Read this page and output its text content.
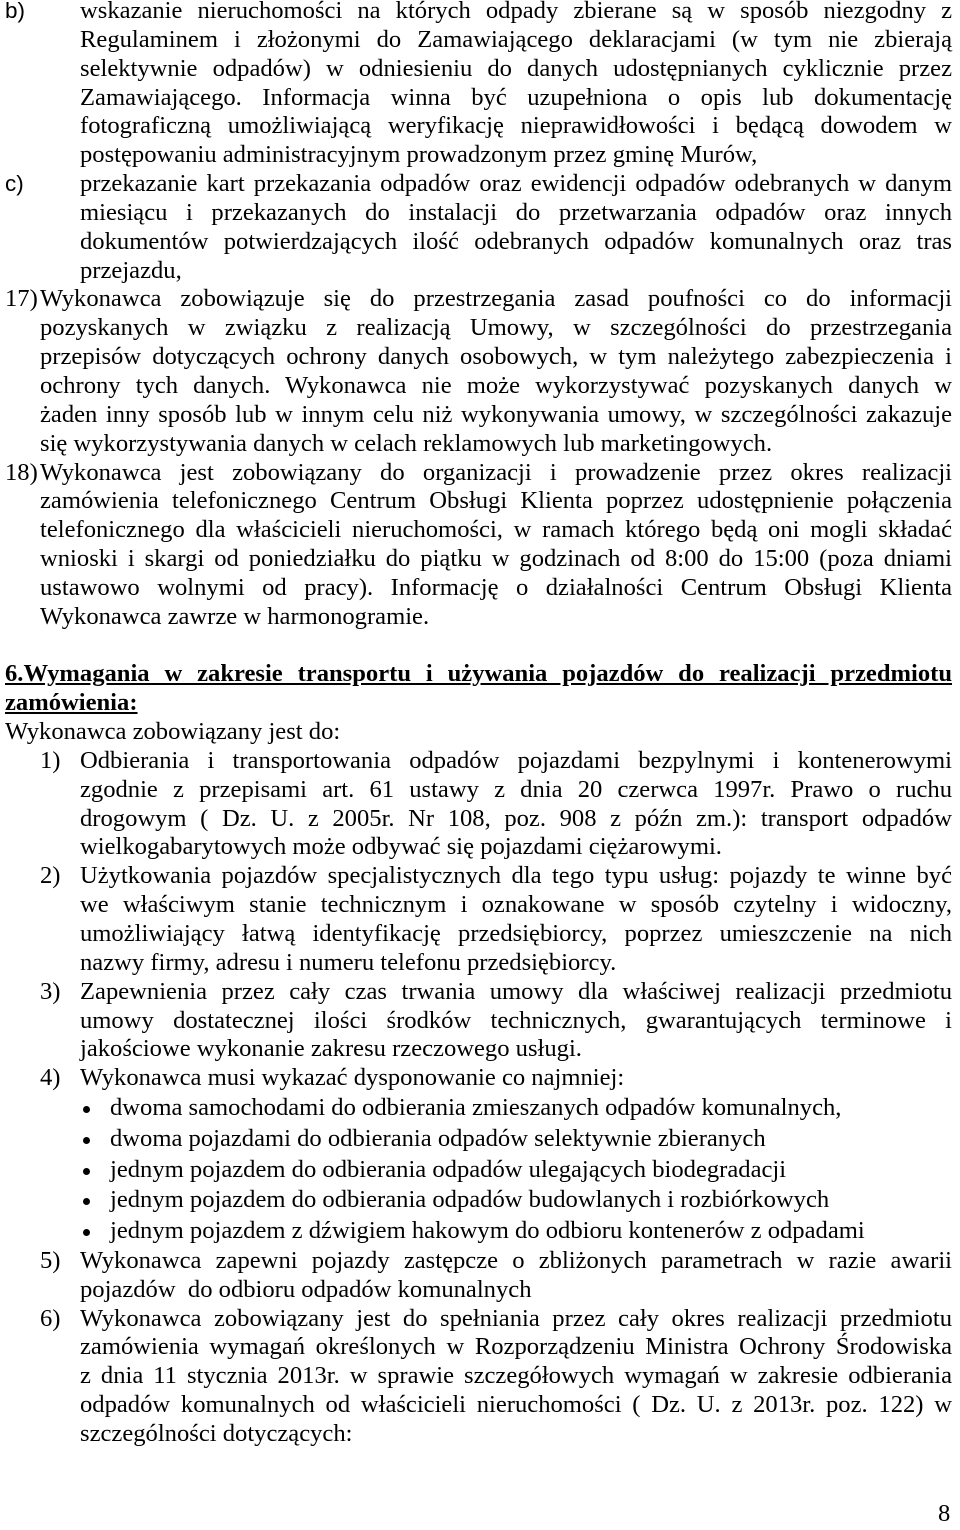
b) wskazanie nieruchomości na których odpady zbierane są w sposób niezgodny z
Regulaminem i złożonymi do Zamawiającego deklaracjami (w tym nie zbierają
selektywnie odpadów) w odniesieniu do danych udostępnianych cyklicznie przez
Zamawiającego. Informacja winna być uzupełniona o opis lub dokumentację
fotograficzną umożliwiającą weryfikację nieprawidłowości i będącą dowodem w
postępowaniu administracyjnym prowadzonym przez gminę Murów,
c) przekazanie kart przekazania odpadów oraz ewidencji odpadów odebranych w danym
miesiącu i przekazanych do instalacji do przetwarzania odpadów oraz innych
dokumentów potwierdzających ilość odebranych odpadów komunalnych oraz tras
przejazdu,
17) Wykonawca zobowiązuje się do przestrzegania zasad poufności co do informacji
pozyskanych w związku z realizacją Umowy, w szczególności do przestrzegania
przepisów dotyczących ochrony danych osobowych, w tym należytego zabezpieczenia i
ochrony tych danych. Wykonawca nie może wykorzystywać pozyskanych danych w
żaden inny sposób lub w innym celu niż wykonywania umowy, w szczególności zakazuje
się wykorzystywania danych w celach reklamowych lub marketingowych.
18) Wykonawca jest zobowiązany do organizacji i prowadzenie przez okres realizacji
zamówienia telefonicznego Centrum Obsługi Klienta poprzez udostępnienie połączenia
telefonicznego dla właścicieli nieruchomości, w ramach którego będą oni mogli składać
wnioski i skargi od poniedziałku do piątku w godzinach od 8:00 do 15:00 (poza dniami
ustawowo wolnymi od pracy). Informację o działalności Centrum Obsługi Klienta
Wykonawca zawrze w harmonogramie.
6.Wymagania w zakresie transportu i używania pojazdów do realizacji przedmiotu
zamówienia:
Wykonawca zobowiązany jest do:
1) Odbierania i transportowania odpadów pojazdami bezpylnymi i kontenerowymi
zgodnie z przepisami art. 61 ustawy z dnia 20 czerwca 1997r. Prawo o ruchu
drogowym ( Dz. U. z 2005r. Nr 108, poz. 908 z późn zm.): transport odpadów
wielkogabarytowych może odbywać się pojazdami ciężarowymi.
2) Użytkowania pojazdów specjalistycznych dla tego typu usług: pojazdy te winne być
we właściwym stanie technicznym i oznakowane w sposób czytelny i widoczny,
umożliwiający łatwą identyfikację przedsiębiorcy, poprzez umieszczenie na nich
nazwy firmy, adresu i numeru telefonu przedsiębiorcy.
3) Zapewnienia przez cały czas trwania umowy dla właściwej realizacji przedmiotu
umowy dostatecznej ilości środków technicznych, gwarantujących terminowe i
jakościowe wykonanie zakresu rzeczowego usługi.
4) Wykonawca musi wykazać dysponowanie co najmniej:
dwoma samochodami do odbierania zmieszanych odpadów komunalnych,
dwoma pojazdami do odbierania odpadów selektywnie zbieranych
jednym pojazdem do odbierania odpadów ulegających biodegradacji
jednym pojazdem do odbierania odpadów budowlanych i rozbiórkowych
jednym pojazdem z dźwigiem hakowym do odbioru kontenerów z odpadami
5) Wykonawca zapewni pojazdy zastępcze o zbliżonych parametrach w razie awarii
pojazdów  do odbioru odpadów komunalnych
6) Wykonawca zobowiązany jest do spełniania przez cały okres realizacji przedmiotu
zamówienia wymagań określonych w Rozporządzeniu Ministra Ochrony Środowiska
z dnia 11 stycznia 2013r. w sprawie szczegółowych wymagań w zakresie odbierania
odpadów komunalnych od właścicieli nieruchomości ( Dz. U. z 2013r. poz. 122) w
szczególności dotyczących:
8
